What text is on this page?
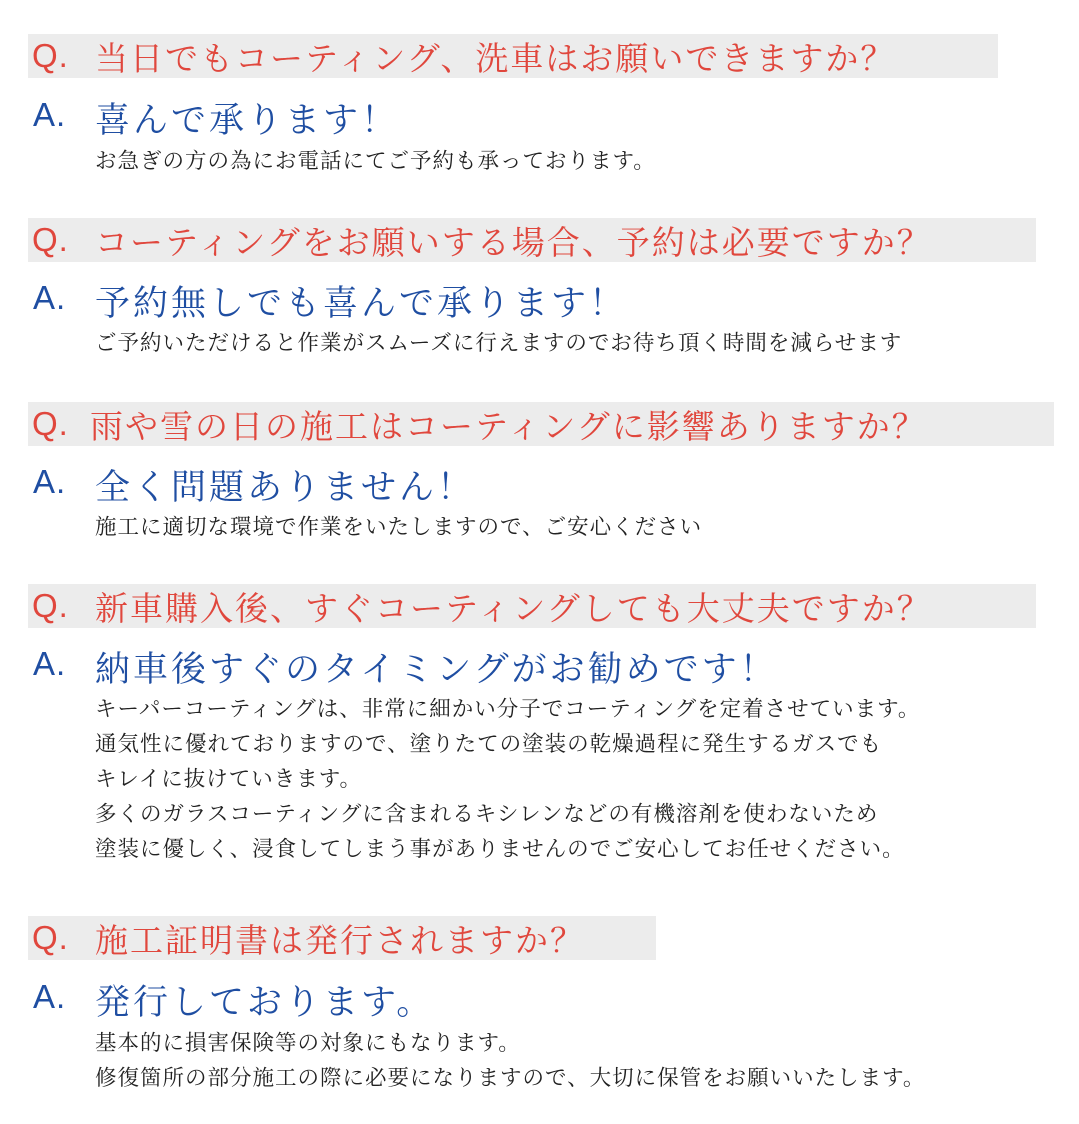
Q. 当日でもコーティング、洗車はお願いできますか？
A. 喜んで承ります！
お急ぎの方の為にお電話にてご予約も承っております。
Q. コーティングをお願いする場合、予約は必要ですか？
A. 予約無しでも喜んで承ります！
ご予約いただけると作業がスムーズに行えますのでお待ち頂く時間を減らせます
Q. 雨や雪の日の施工はコーティングに影響ありますか？
A. 全く問題ありません！
施工に適切な環境で作業をいたしますので、ご安心ください
Q. 新車購入後、すぐコーティングしても大丈夫ですか？
A. 納車後すぐのタイミングがお勧めです！
キーパーコーティングは、非常に細かい分子でコーティングを定着させています。
通気性に優れておりますので、塗りたての塗装の乾燥過程に発生するガスでも
キレイに抜けていきます。
多くのガラスコーティングに含まれるキシレンなどの有機溶剤を使わないため
塗装に優しく、浸食してしまう事がありませんのでご安心してお任せください。
Q. 施工証明書は発行されますか？
A. 発行しております。
基本的に損害保険等の対象にもなります。
修復箇所の部分施工の際に必要になりますので、大切に保管をお願いいたします。
